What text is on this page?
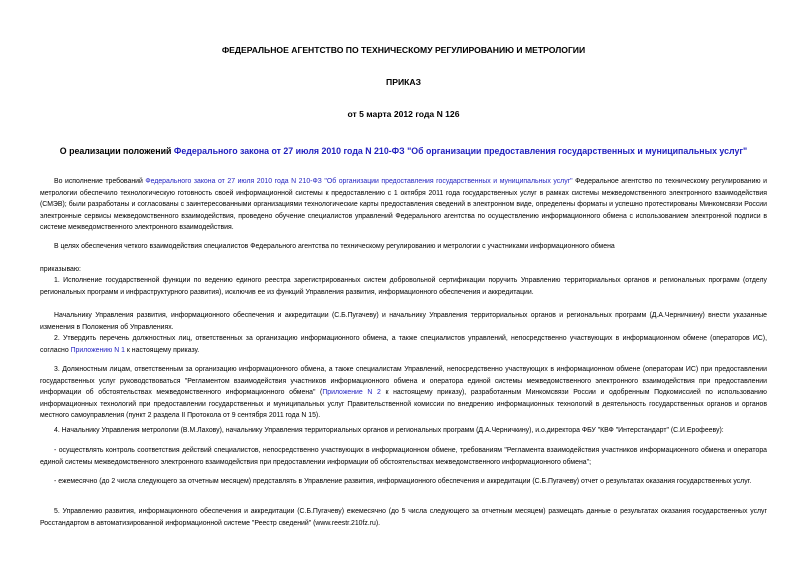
ФЕДЕРАЛЬНОЕ АГЕНТСТВО ПО ТЕХНИЧЕСКОМУ РЕГУЛИРОВАНИЮ И МЕТРОЛОГИИ
ПРИКАЗ
от 5 марта 2012 года N 126
О реализации положений Федерального закона от 27 июля 2010 года N 210-ФЗ "Об организации предоставления государственных и муниципальных услуг"
Во исполнение требований Федерального закона от 27 июля 2010 года N 210-ФЗ "Об организации предоставления государственных и муниципальных услуг" Федеральное агентство по техническому регулированию и метрологии обеспечило технологическую готовность своей информационной системы к предоставлению с 1 октября 2011 года государственных услуг в рамках системы межведомственного электронного взаимодействия (СМЭВ); были разработаны и согласованы с заинтересованными организациями технологические карты предоставления сведений в электронном виде, определены форматы и успешно протестированы Минкомсвязи России электронные сервисы межведомственного взаимодействия, проведено обучение специалистов управлений Федерального агентства по осуществлению информационного обмена с использованием электронной подписи в системе межведомственного электронного взаимодействия.
В целях обеспечения четкого взаимодействия специалистов Федерального агентства по техническому регулированию и метрологии с участниками информационного обмена
приказываю:
1. Исполнение государственной функции по ведению единого реестра зарегистрированных систем добровольной сертификации поручить Управлению территориальных органов и региональных программ (отделу региональных программ и инфраструктурного развития), исключив ее из функций Управления развития, информационного обеспечения и аккредитации.
Начальнику Управления развития, информационного обеспечения и аккредитации (С.Б.Пугачеву) и начальнику Управления территориальных органов и региональных программ (Д.А.Черничкину) внести указанные изменения в Положения об Управлениях.
2. Утвердить перечень должностных лиц, ответственных за организацию информационного обмена, а также специалистов управлений, непосредственно участвующих в информационном обмене (операторов ИС), согласно Приложению N 1 к настоящему приказу.
3. Должностным лицам, ответственным за организацию информационного обмена, а также специалистам Управлений, непосредственно участвующих в информационном обмене (операторам ИС) при предоставлении государственных услуг руководствоваться "Регламентом взаимодействия участников информационного обмена и оператора единой системы межведомственного электронного взаимодействия при предоставлении информации об обстоятельствах межведомственного информационного обмена" (Приложение N 2 к настоящему приказу), разработанным Минкомсвязи России и одобренным Подкомиссией по использованию информационных технологий при предоставлении государственных и муниципальных услуг Правительственной комиссии по внедрению информационных технологий в деятельность государственных органов и органов местного самоуправления (пункт 2 раздела II Протокола от 9 сентября 2011 года N 15).
4. Начальнику Управления метрологии (В.М.Лахову), начальнику Управления территориальных органов и региональных программ (Д.А.Черничкину), и.о.директора ФБУ "КВФ "Интерстандарт" (С.И.Ерофееву):
- осуществлять контроль соответствия действий специалистов, непосредственно участвующих в информационном обмене, требованиям "Регламента взаимодействия участников информационного обмена и оператора единой системы межведомственного электронного взаимодействия при предоставлении информации об обстоятельствах межведомственного информационного обмена";
- ежемесячно (до 2 числа следующего за отчетным месяцем) представлять в Управление развития, информационного обеспечения и аккредитации (С.Б.Пугачеву) отчет о результатах оказания государственных услуг.
5. Управлению развития, информационного обеспечения и аккредитации (С.Б.Пугачеву) ежемесячно (до 5 числа следующего за отчетным месяцем) размещать данные о результатах оказания государственных услуг Росстандартом в автоматизированной информационной системе "Реестр сведений" (www.reestr.210fz.ru).
